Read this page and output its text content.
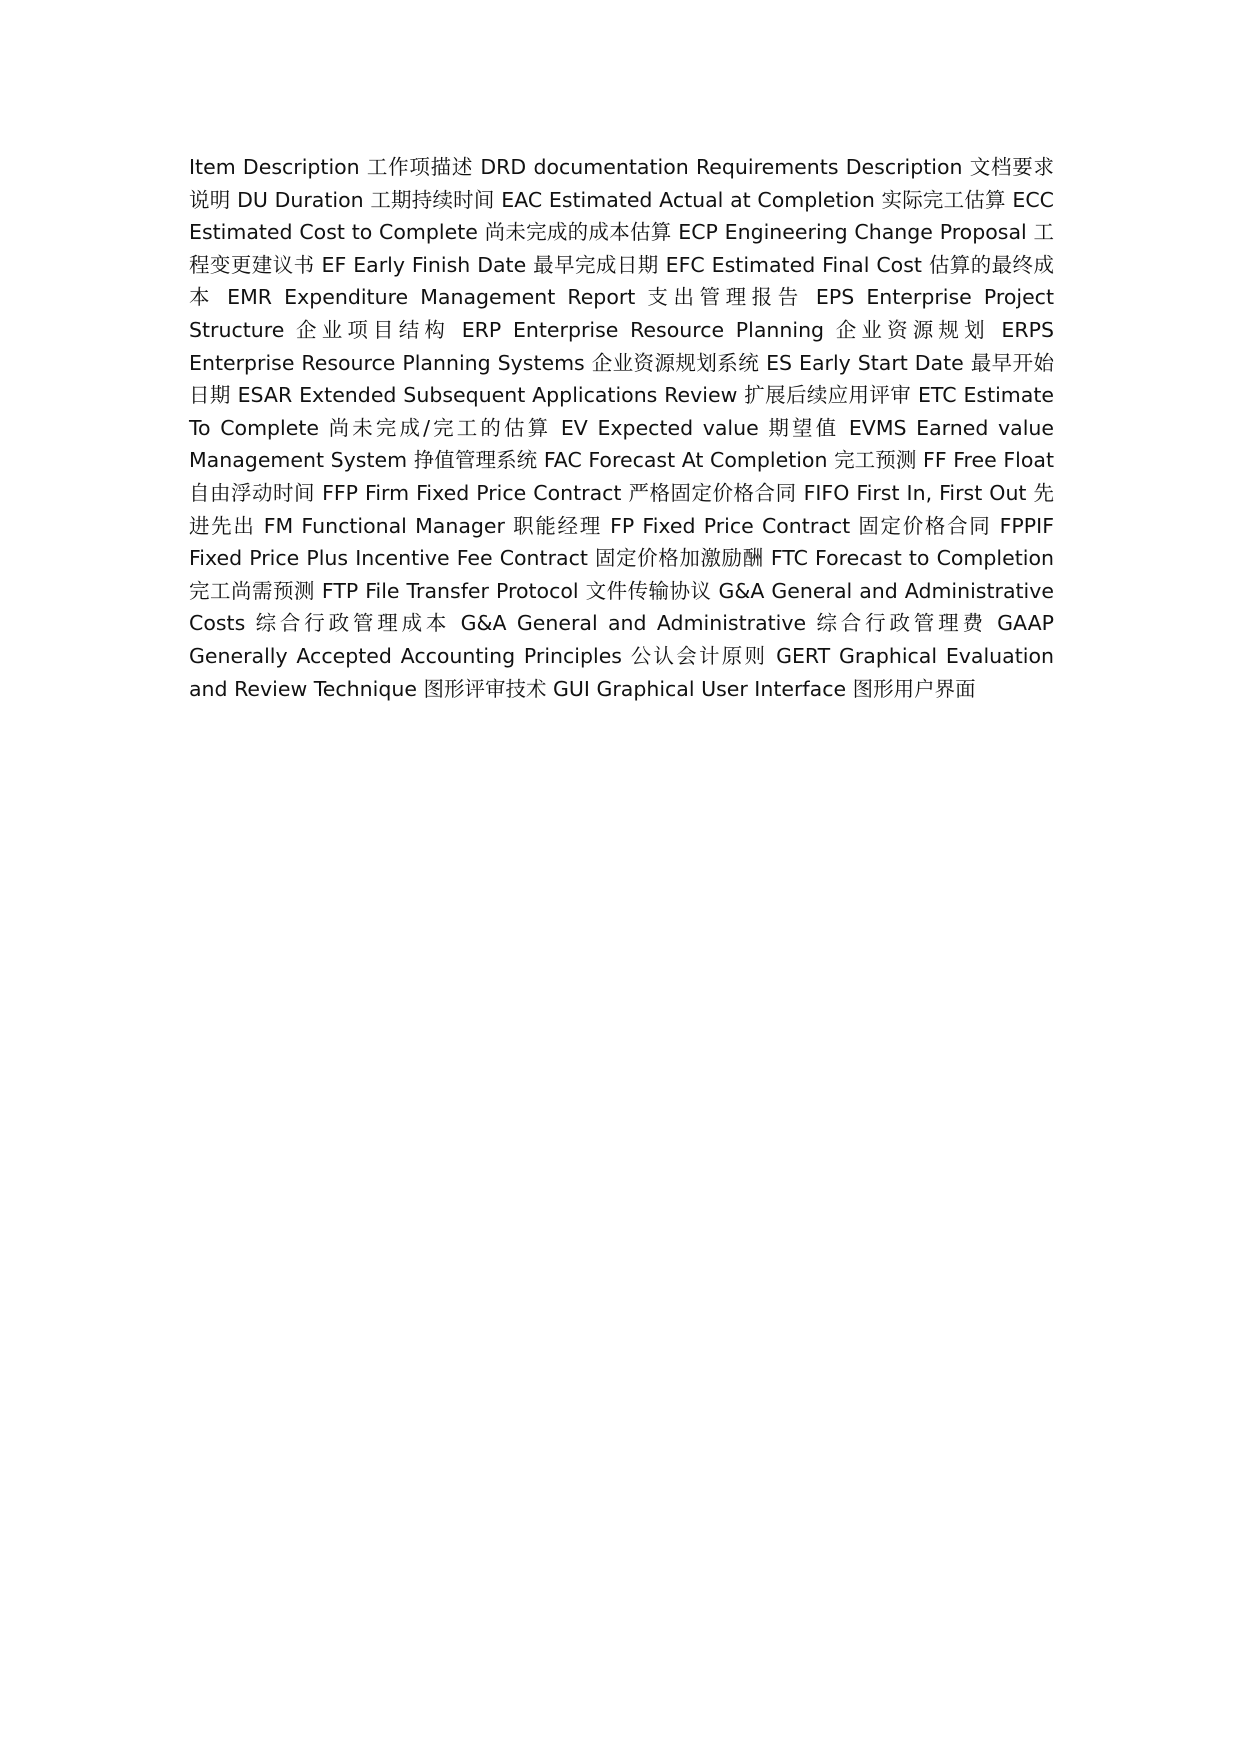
Item Description 工作项描述 DRD documentation Requirements Description 文档要求说明 DU Duration 工期持续时间 EAC Estimated Actual at Completion 实际完工估算 ECC Estimated Cost to Complete 尚未完成的成本估算 ECP Engineering Change Proposal 工程变更建议书 EF Early Finish Date 最早完成日期 EFC Estimated Final Cost 估算的最终成本 EMR Expenditure Management Report 支出管理报告 EPS Enterprise Project Structure 企业项目结构 ERP Enterprise Resource Planning 企业资源规划 ERPS Enterprise Resource Planning Systems 企业资源规划系统 ES Early Start Date 最早开始日期 ESAR Extended Subsequent Applications Review 扩展后续应用评审 ETC Estimate To Complete 尚未完成/完工的估算 EV Expected value 期望值 EVMS Earned value Management System 挣值管理系统 FAC Forecast At Completion 完工预测 FF Free Float 自由浮动时间 FFP Firm Fixed Price Contract 严格固定价格合同 FIFO First In, First Out 先进先出 FM Functional Manager 职能经理 FP Fixed Price Contract 固定价格合同 FPPIF Fixed Price Plus Incentive Fee Contract 固定价格加激励酬 FTC Forecast to Completion 完工尚需预测 FTP File Transfer Protocol 文件传输协议 G&A General and Administrative Costs 综合行政管理成本 G&A General and Administrative 综合行政管理费 GAAP Generally Accepted Accounting Principles 公认会计原则 GERT Graphical Evaluation and Review Technique 图形评审技术 GUI Graphical User Interface 图形用户界面
